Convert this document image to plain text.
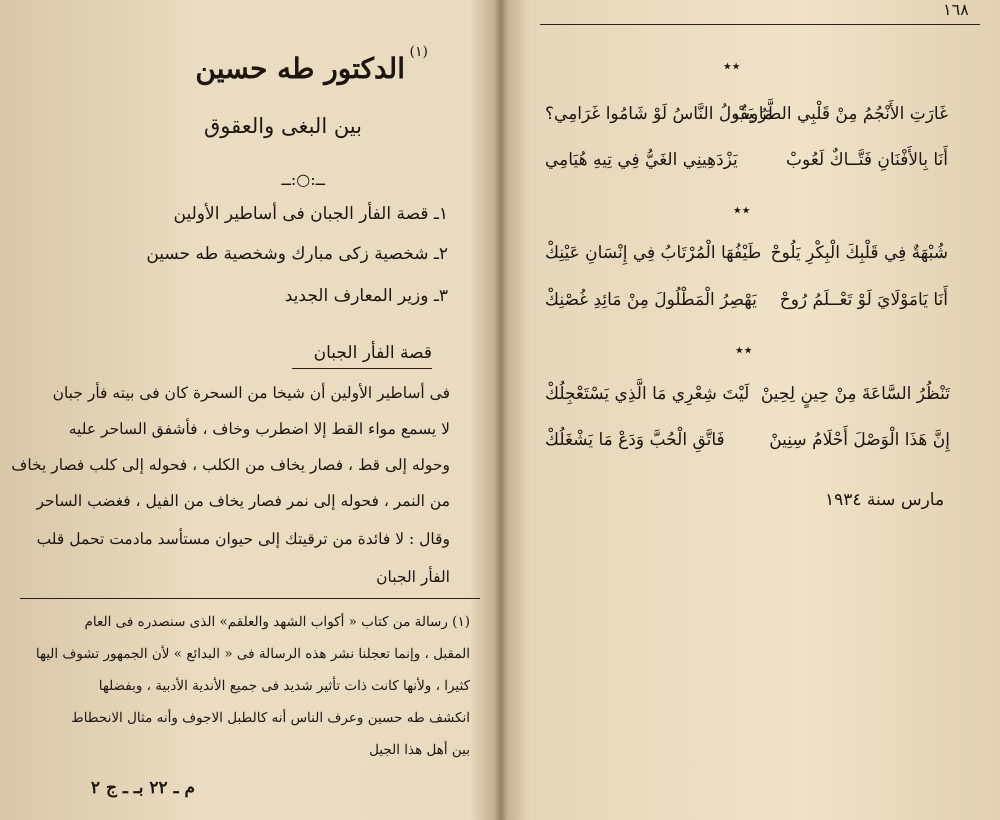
الدكتور طه حسين (١)
بين البغى والعقوق
ــ:○:ــ
١ـ قصة الفأر الجبان فى أساطير الأولين
٢ـ شخصية زكى مبارك وشخصية طه حسين
٣ـ وزير المعارف الجديد
قصة الفأر الجبان
فى أساطير الأولين أن شيخا من السحرة كان فى بيته فأر جبان
لا يسمع مواء القط إلا اضطرب وخاف ، فأشفق الساحر عليه
وحوله إلى قط ، فصار يخاف من الكلب ، فحوله إلى كلب فصار يخاف
من النمر ، فحوله إلى نمر فصار يخاف من الفيل ، فغضب الساحر
وقال : لا فائدة من ترقيتك إلى حيوان مستأسد مادمت تحمل قلب
الفأر الجبان
(١) رسالة من كتاب « أكواب الشهد والعلقم» الذى سنصدره فى العام
المقبل ، وإنما تعجلنا نشر هذه الرسالة فى « البدائع » لأن الجمهور تشوف اليها
كثيرا ، ولأنها كانت ذات تأثير شديد فى جميع الأندية الأدبية ، وبفضلها
انكشف طه حسين وعرف الناس أنه كالطبل الاجوف وأنه مثال الانحطاط
بين أهل هذا الجيل
م ـ ٢٢ بـ ـ ج ٢
١٦٨
٭٭
غَارَتِ الأَنْجُمُ مِنْ قَلْبِي الطَّرُوبْ
مَا يَقُولُ النَّاسُ لَوْ شَامُوا غَرَامِي؟
أَنَا بِالأَفْنَانِ فَتَّــاكٌ لَعُوبْ
يَزْدَهِينِي الغَيُّ فِي تِيهِ هُيَامِي
٭٭
شُبْهَةٌ فِي قَلْبِكَ الْبِكْرِ يَلُوحْ
طَيْفُهَا الْمُرْتَابُ فِي إِنْسَانِ عَيْنِكْ
أَنَا يَامَوْلَايَ لَوْ تَعْــلَمُ رُوحْ
يَهْصِرُ الْمَطْلُولَ مِنْ مَائِدِ غُصْنِكْ
٭٭
تَنْظُرُ السَّاعَةَ مِنْ حِينٍ لِحِينْ
لَيْتَ شِعْرِي مَا الَّذِي يَسْتَعْجِلُكْ
إِنَّ هَذَا الْوَصْلَ أَحْلَامُ سِنِينْ
فَاتَّقِ الْحُبَّ وَدَعْ مَا يَشْغَلُكْ
مارس سنة ١٩٣٤
